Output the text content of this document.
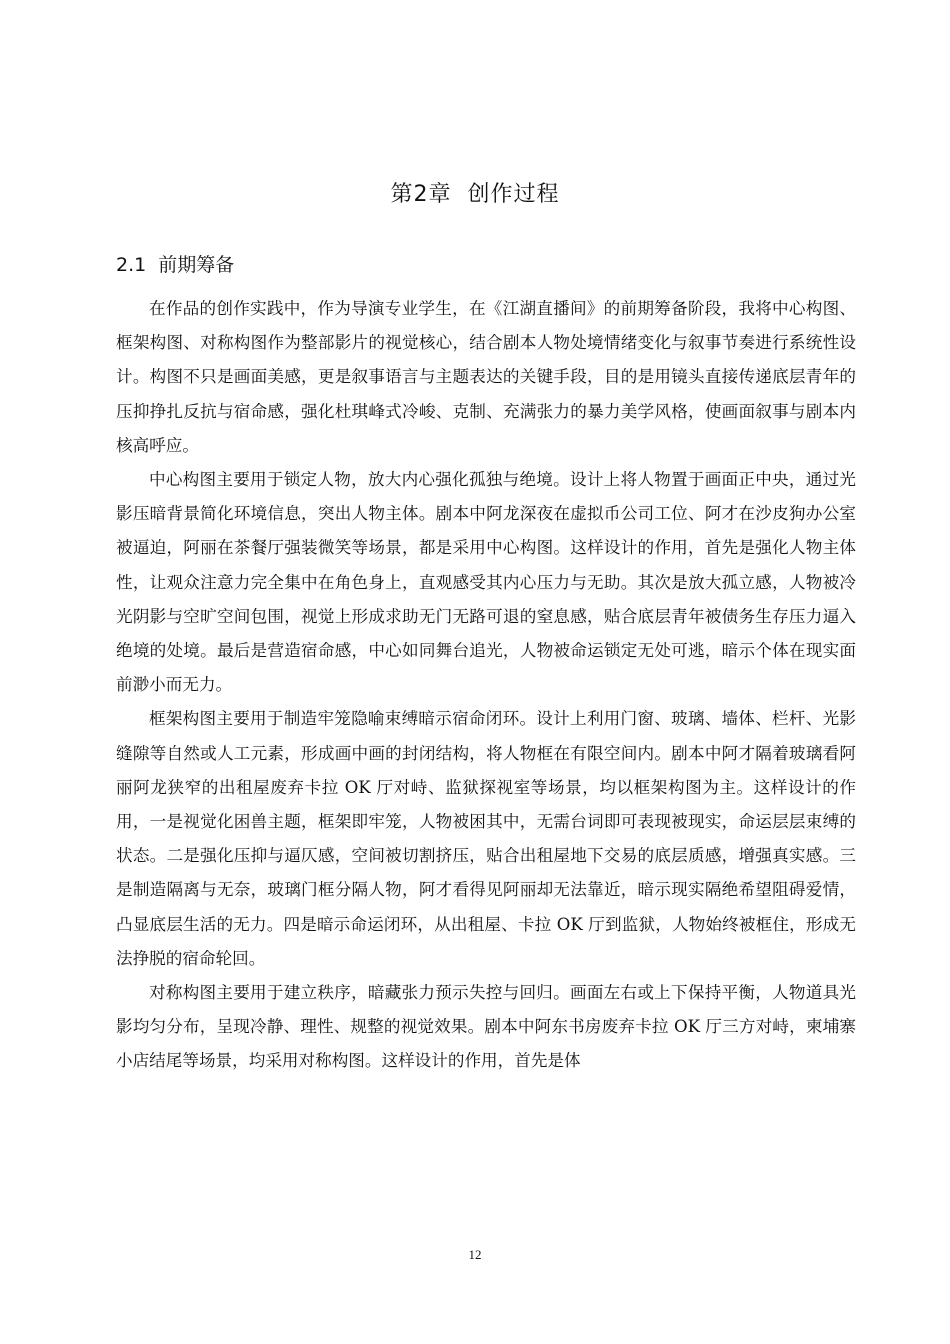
第2章  创作过程
2.1  前期筹备

在作品的创作实践中，作为导演专业学生，在《江湖直播间》的前期筹备阶段，我将中心构图、框架构图、对称构图作为整部影片的视觉核心，结合剧本人物处境情绪变化与叙事节奏进行系统性设计。构图不只是画面美感，更是叙事语言与主题表达的关键手段，目的是用镜头直接传递底层青年的压抑挣扎反抗与宿命感，强化杜琪峰式冷峻、克制、充满张力的暴力美学风格，使画面叙事与剧本内核高呼应。

中心构图主要用于锁定人物，放大内心强化孤独与绝境。设计上将人物置于画面正中央，通过光影压暗背景简化环境信息，突出人物主体。剧本中阿龙深夜在虚拟币公司工位、阿才在沙皮狗办公室被逼迫，阿丽在茶餐厅强装微笑等场景，都是采用中心构图。这样设计的作用，首先是强化人物主体性，让观众注意力完全集中在角色身上，直观感受其内心压力与无助。其次是放大孤立感，人物被冷光阴影与空旷空间包围，视觉上形成求助无门无路可退的窒息感，贴合底层青年被债务生存压力逼入绝境的处境。最后是营造宿命感，中心如同舞台追光，人物被命运锁定无处可逃，暗示个体在现实面前渺小而无力。

框架构图主要用于制造牢笼隐喻束缚暗示宿命闭环。设计上利用门窗、玻璃、墙体、栏杆、光影缝隙等自然或人工元素，形成画中画的封闭结构，将人物框在有限空间内。剧本中阿才隔着玻璃看阿丽阿龙狭窄的出租屋废弃卡拉 OK 厅对峙、监狱探视室等场景，均以框架构图为主。这样设计的作用，一是视觉化困兽主题，框架即牢笼，人物被困其中，无需台词即可表现被现实，命运层层束缚的状态。二是强化压抑与逼仄感，空间被切割挤压，贴合出租屋地下交易的底层质感，增强真实感。三是制造隔离与无奈，玻璃门框分隔人物，阿才看得见阿丽却无法靠近，暗示现实隔绝希望阻碍爱情，凸显底层生活的无力。四是暗示命运闭环，从出租屋、卡拉 OK 厅到监狱，人物始终被框住，形成无法挣脱的宿命轮回。

对称构图主要用于建立秩序，暗藏张力预示失控与回归。画面左右或上下保持平衡，人物道具光影均匀分布，呈现冷静、理性、规整的视觉效果。剧本中阿东书房废弃卡拉 OK 厅三方对峙，柬埔寨小店结尾等场景，均采用对称构图。这样设计的作用，首先是体

12
